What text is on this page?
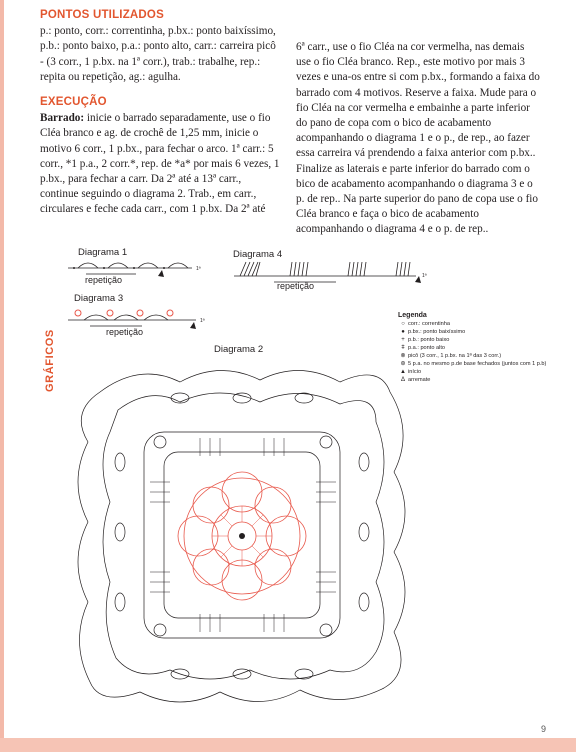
PONTOS UTILIZADOS
p.: ponto, corr.: correntinha, p.bx.: ponto baixíssimo, p.b.: ponto baixo, p.a.: ponto alto, carr.: carreira picô - (3 corr., 1 p.bx. na 1ª corr.), trab.: trabalhe, rep.: repita ou repetição, ag.: agulha.
EXECUÇÃO
Barrado: inicie o barrado separadamente, use o fio Cléa branco e ag. de crochê de 1,25 mm, inicie o motivo 6 corr., 1 p.bx., para fechar o arco. 1ª carr.: 5 corr., *1 p.a., 2 corr.*, rep. de *a* por mais 6 vezes, 1 p.bx., para fechar a carr. Da 2ª até a 13ª carr., continue seguindo o diagrama 2. Trab., em carr., circulares e feche cada carr., com 1 p.bx. Da 2ª até
6ª carr., use o fio Cléa na cor vermelha, nas demais use o fio Cléa branco. Rep., este motivo por mais 3 vezes e una-os entre si com p.bx., formando a faixa do barrado com 4 motivos. Reserve a faixa. Mude para o fio Cléa na cor vermelha e embainhe a parte inferior do pano de copa com o bico de acabamento acompanhando o diagrama 1 e o p., de rep., ao fazer essa carreira vá prendendo a faixa anterior com p.bx.. Finalize as laterais e parte inferior do barrado com o bico de acabamento acompanhando o diagrama 3 e o p. de rep.. Na parte superior do pano de copa use o fio Cléa branco e faça o bico de acabamento acompanhando o diagrama 4 e o p. de rep..
GRÁFICOS
Diagrama 1	Diagrama 4
Diagrama 3
Diagrama 2
repetição
repetição
repetição
1ª
1ª
1ª
Legenda
○ corr.: correntinha
● p.bx.: ponto baixíssimo
+ p.b.: ponto baixo
ǂ p.a.: ponto alto
⊗ picô (3 corr., 1 p.bx. na 1ª das 3 corr.)
⊛ 5 p.a. no mesmo p.de base fechados (juntos com 1 p.b)
▲ início
Δ arremate
9
